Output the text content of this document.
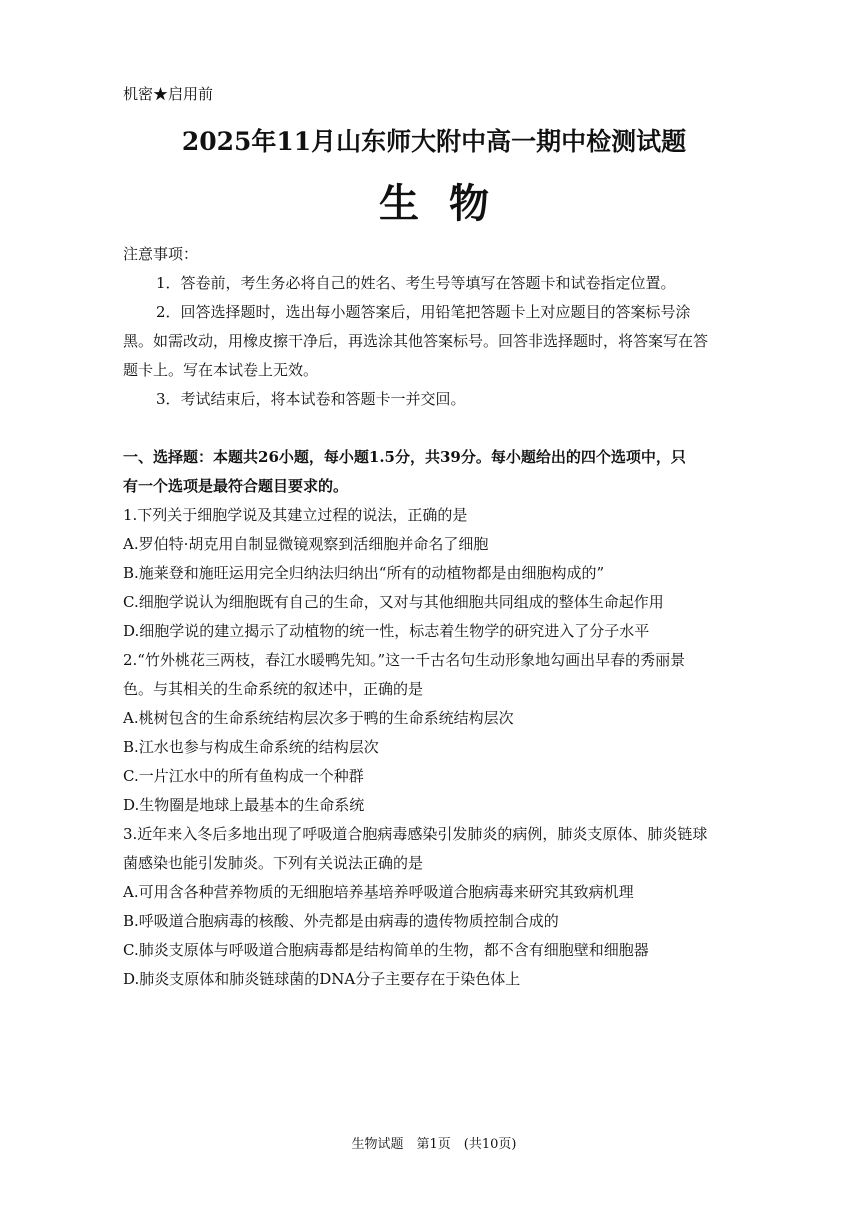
机密★启用前
2025年11月山东师大附中高一期中检测试题
生物
注意事项：
1．答卷前，考生务必将自己的姓名、考生号等填写在答题卡和试卷指定位置。
2．回答选择题时，选出每小题答案后，用铅笔把答题卡上对应题目的答案标号涂
黑。如需改动，用橡皮擦干净后，再选涂其他答案标号。回答非选择题时，将答案写在答
题卡上。写在本试卷上无效。
3．考试结束后，将本试卷和答题卡一并交回。
一、选择题：本题共26小题，每小题1.5分，共39分。每小题给出的四个选项中，只
有一个选项是最符合题目要求的。
1.下列关于细胞学说及其建立过程的说法，正确的是
A.罗伯特·胡克用自制显微镜观察到活细胞并命名了细胞
B.施莱登和施旺运用完全归纳法归纳出“所有的动植物都是由细胞构成的”
C.细胞学说认为细胞既有自己的生命，又对与其他细胞共同组成的整体生命起作用
D.细胞学说的建立揭示了动植物的统一性，标志着生物学的研究进入了分子水平
2.“竹外桃花三两枝，春江水暖鸭先知。”这一千古名句生动形象地勾画出早春的秀丽景
色。与其相关的生命系统的叙述中，正确的是
A.桃树包含的生命系统结构层次多于鸭的生命系统结构层次
B.江水也参与构成生命系统的结构层次
C.一片江水中的所有鱼构成一个种群
D.生物圈是地球上最基本的生命系统
3.近年来入冬后多地出现了呼吸道合胞病毒感染引发肺炎的病例，肺炎支原体、肺炎链球
菌感染也能引发肺炎。下列有关说法正确的是
A.可用含各种营养物质的无细胞培养基培养呼吸道合胞病毒来研究其致病机理
B.呼吸道合胞病毒的核酸、外壳都是由病毒的遗传物质控制合成的
C.肺炎支原体与呼吸道合胞病毒都是结构简单的生物，都不含有细胞壁和细胞器
D.肺炎支原体和肺炎链球菌的DNA分子主要存在于染色体上
生物试题　第1页　(共10页)
